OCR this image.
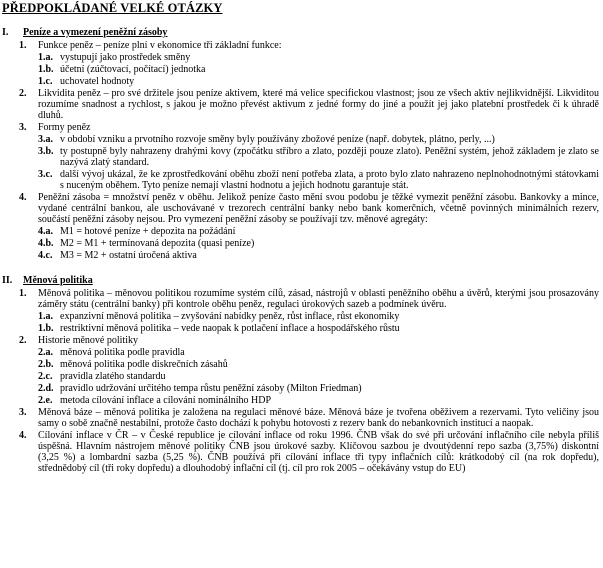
PŘEDPOKLÁDANÉ VELKÉ OTÁZKY
I.	Peníze a vymezení peněžní zásoby
1.	Funkce peněz – peníze plní v ekonomice tři základní funkce:
1.a. vystupují jako prostředek směny
1.b. účetní (zúčtovací, počítací) jednotka
1.c. uchovatel hodnoty
2.	Likvidita peněz – pro své držitele jsou peníze aktivem, které má velice specifickou vlastnost; jsou ze všech aktiv nejlikvidnější. Likviditou rozumíme snadnost a rychlost, s jakou je možno převést aktivum z jedné formy do jiné a použít jej jako platební prostředek či k úhradě dluhů.
3.	Formy peněz
3.a. v období vzniku a prvotního rozvoje směny byly používány zbožové peníze (např. dobytek, plátno, perly, ...)
3.b. ty postupně byly nahrazeny drahými kovy (zpočátku stříbro a zlato, později pouze zlato). Peněžní systém, jehož základem je zlato se nazývá zlatý standard.
3.c. další vývoj ukázal, že ke zprostředkování oběhu zboží není potřeba zlata, a proto bylo zlato nahrazeno neplnohodnotnými státovkami s nuceným oběhem. Tyto peníze nemají vlastní hodnotu a jejich hodnotu garantuje stát.
4.	Peněžní zásoba = množství peněz v oběhu. Jelikož peníze často mění svou podobu je těžké vymezit peněžní zásobu. Bankovky a mince, vydané centrální bankou, ale uschovávané v trezorech centrální banky nebo bank komerčních, včetně povinných minimálních rezerv, součástí peněžní zásoby nejsou. Pro vymezení peněžní zásoby se používají tzv. měnové agregáty:
4.a. M1 = hotové peníze + depozita na požádání
4.b. M2 = M1 + termínovaná depozita (quasi peníze)
4.c. M3 = M2 + ostatní úročená aktiva
II.	Měnová politika
1.	Měnová politika – měnovou politikou rozumíme systém cílů, zásad, nástrojů v oblasti peněžního oběhu a úvěrů, kterými jsou prosazovány záměry státu (centrální banky) při kontrole oběhu peněz, regulaci úrokových sazeb a podmínek úvěru.
1.a. expanzivní měnová politika – zvyšování nabídky peněz, růst inflace, růst ekonomiky
1.b. restriktivní měnová politika – vede naopak k potlačení inflace a hospodářského růstu
2.	Historie měnové politiky
2.a. měnová politika podle pravidla
2.b. měnová politika podle diskrečních zásahů
2.c. pravidla zlatého standardu
2.d. pravidlo udržování určitého tempa růstu peněžní zásoby (Milton Friedman)
2.e. metoda cílování inflace a cílování nominálního HDP
3.	Měnová báze – měnová politika je založena na regulaci měnové báze. Měnová báze je tvořena oběživem a rezervami. Tyto veličiny jsou samy o sobě značně nestabilní, protože často dochází k pohybu hotovosti z rezerv bank do nebankovních institucí a naopak.
4.	Cílování inflace v ČR – v České republice je cílování inflace od roku 1996. ČNB však do své při určování inflačního cíle nebyla příliš úspěšná. Hlavním nástrojem měnové politiky ČNB jsou úrokové sazby. Klíčovou sazbou je dvoutýdenní repo sazba (3,75%) diskontní (3,25 %) a lombardní sazba (5,25 %). ČNB používá při cílování inflace tři typy inflačních cílů: krátkodobý cíl (na rok dopředu), střednědobý cíl (tři roky dopředu) a dlouhodobý inflační cíl (tj. cíl pro rok 2005 – očekávány vstup do EU)
